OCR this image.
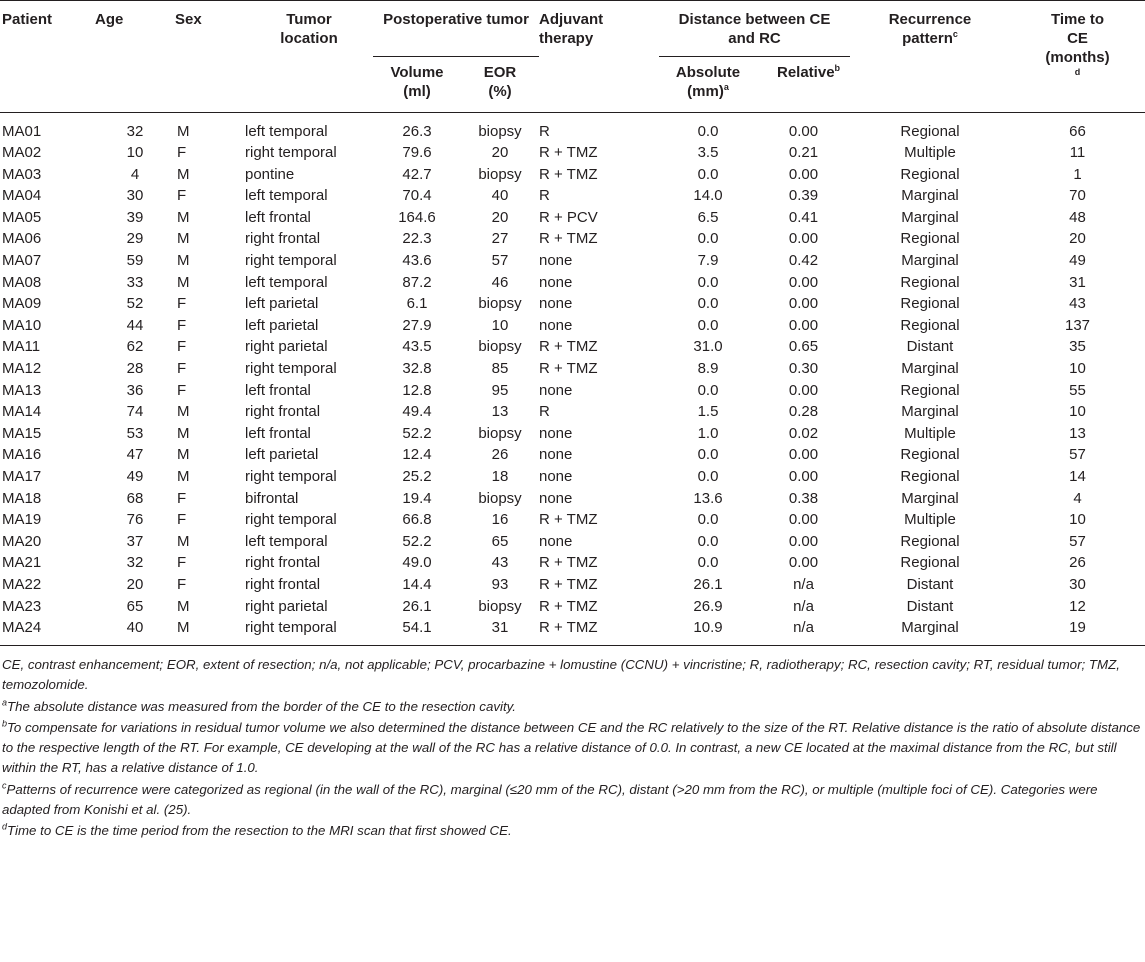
Patient	Age	Sex	Tumor location	Postoperative tumor		Adjuvant therapy	Distance between CE and RC		Recurrence pattern$^c$	Time to CE (months)
$^d$
				Volume (ml)	EOR (%)		Absolute (mm)$^a$	Relative$^b$
MA01	32	M	left temporal	26.3	biopsy	R	0.0	0.00	Regional	66
MA02	10	F	right temporal	79.6	20	R + TMZ	3.5	0.21	Multiple	11
MA03	4	M	pontine	42.7	biopsy	R + TMZ	0.0	0.00	Regional	1
MA04	30	F	left temporal	70.4	40	R	14.0	0.39	Marginal	70
MA05	39	M	left frontal	164.6	20	R + PCV	6.5	0.41	Marginal	48
MA06	29	M	right frontal	22.3	27	R + TMZ	0.0	0.00	Regional	20
MA07	59	M	right temporal	43.6	57	none	7.9	0.42	Marginal	49
MA08	33	M	left temporal	87.2	46	none	0.0	0.00	Regional	31
MA09	52	F	left parietal	6.1	biopsy	none	0.0	0.00	Regional	43
MA10	44	F	left parietal	27.9	10	none	0.0	0.00	Regional	137
MA11	62	F	right parietal	43.5	biopsy	R + TMZ	31.0	0.65	Distant	35
MA12	28	F	right temporal	32.8	85	R + TMZ	8.9	0.30	Marginal	10
MA13	36	F	left frontal	12.8	95	none	0.0	0.00	Regional	55
MA14	74	M	right frontal	49.4	13	R	1.5	0.28	Marginal	10
MA15	53	M	left frontal	52.2	biopsy	none	1.0	0.02	Multiple	13
MA16	47	M	left parietal	12.4	26	none	0.0	0.00	Regional	57
MA17	49	M	right temporal	25.2	18	none	0.0	0.00	Regional	14
MA18	68	F	bifrontal	19.4	biopsy	none	13.6	0.38	Marginal	4
MA19	76	F	right temporal	66.8	16	R + TMZ	0.0	0.00	Multiple	10
MA20	37	M	left temporal	52.2	65	none	0.0	0.00	Regional	57
MA21	32	F	right frontal	49.0	43	R + TMZ	0.0	0.00	Regional	26
MA22	20	F	right frontal	14.4	93	R + TMZ	26.1	n/a	Distant	30
MA23	65	M	right parietal	26.1	biopsy	R + TMZ	26.9	n/a	Distant	12
MA24	40	M	right temporal	54.1	31	R + TMZ	10.9	n/a	Marginal	19

CE, contrast enhancement; EOR, extent of resection; n/a, not applicable; PCV, procarbazine + lomustine (CCNU) + vincristine; R, radiotherapy; RC, resection cavity; RT, residual tumor; TMZ, temozolomide.

$^a$The absolute distance was measured from the border of the CE to the resection cavity.

$^b$To compensate for variations in residual tumor volume we also determined the distance between CE and the RC relatively to the size of the RT. Relative distance is the ratio of absolute distance to the respective length of the RT. For example, CE developing at the wall of the RC has a relative distance of 0.0. In contrast, a new CE located at the maximal distance from the RC, but still within the RT, has a relative distance of 1.0.

$^c$Patterns of recurrence were categorized as regional (in the wall of the RC), marginal (≤20 mm of the RC), distant (>20 mm from the RC), or multiple (multiple foci of CE). Categories were adapted from Konishi et al. (25).

$^d$Time to CE is the time period from the resection to the MRI scan that first showed CE.
